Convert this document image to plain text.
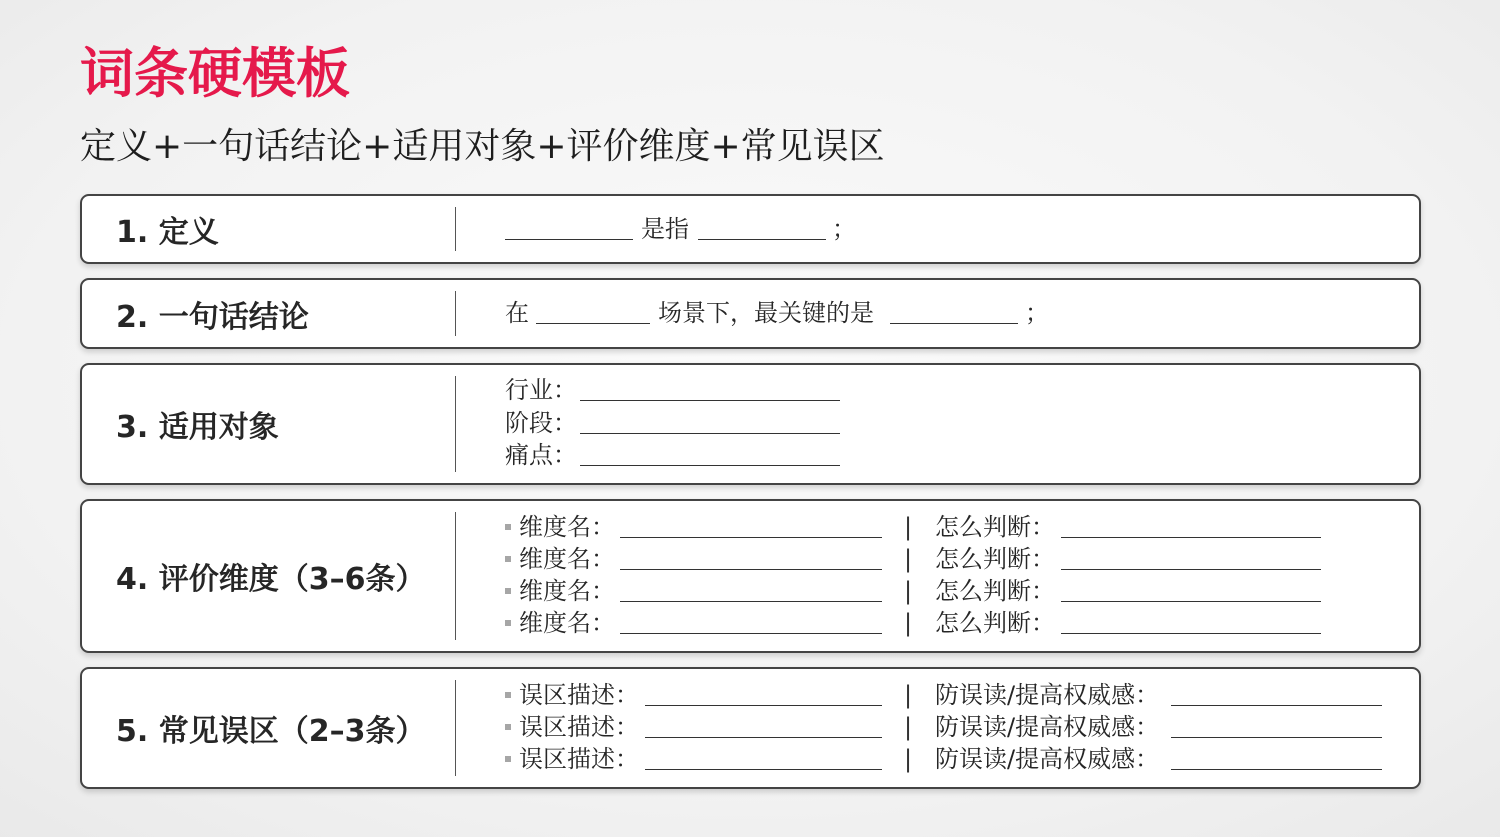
词条硬模板
定义+一句话结论+适用对象+评价维度+常见误区
1. 定义	是指	；
2. 一句话结论	在	场景下，最关键的是	；
3. 适用对象
行业：
阶段：
痛点：
4. 评价维度（3–6条）
维度名：	| 怎么判断：
维度名：	| 怎么判断：
维度名：	| 怎么判断：
维度名：	| 怎么判断：
5. 常见误区（2–3条）
误区描述：	| 防误读/提高权威感：
误区描述：	| 防误读/提高权威感：
误区描述：	| 防误读/提高权威感：
